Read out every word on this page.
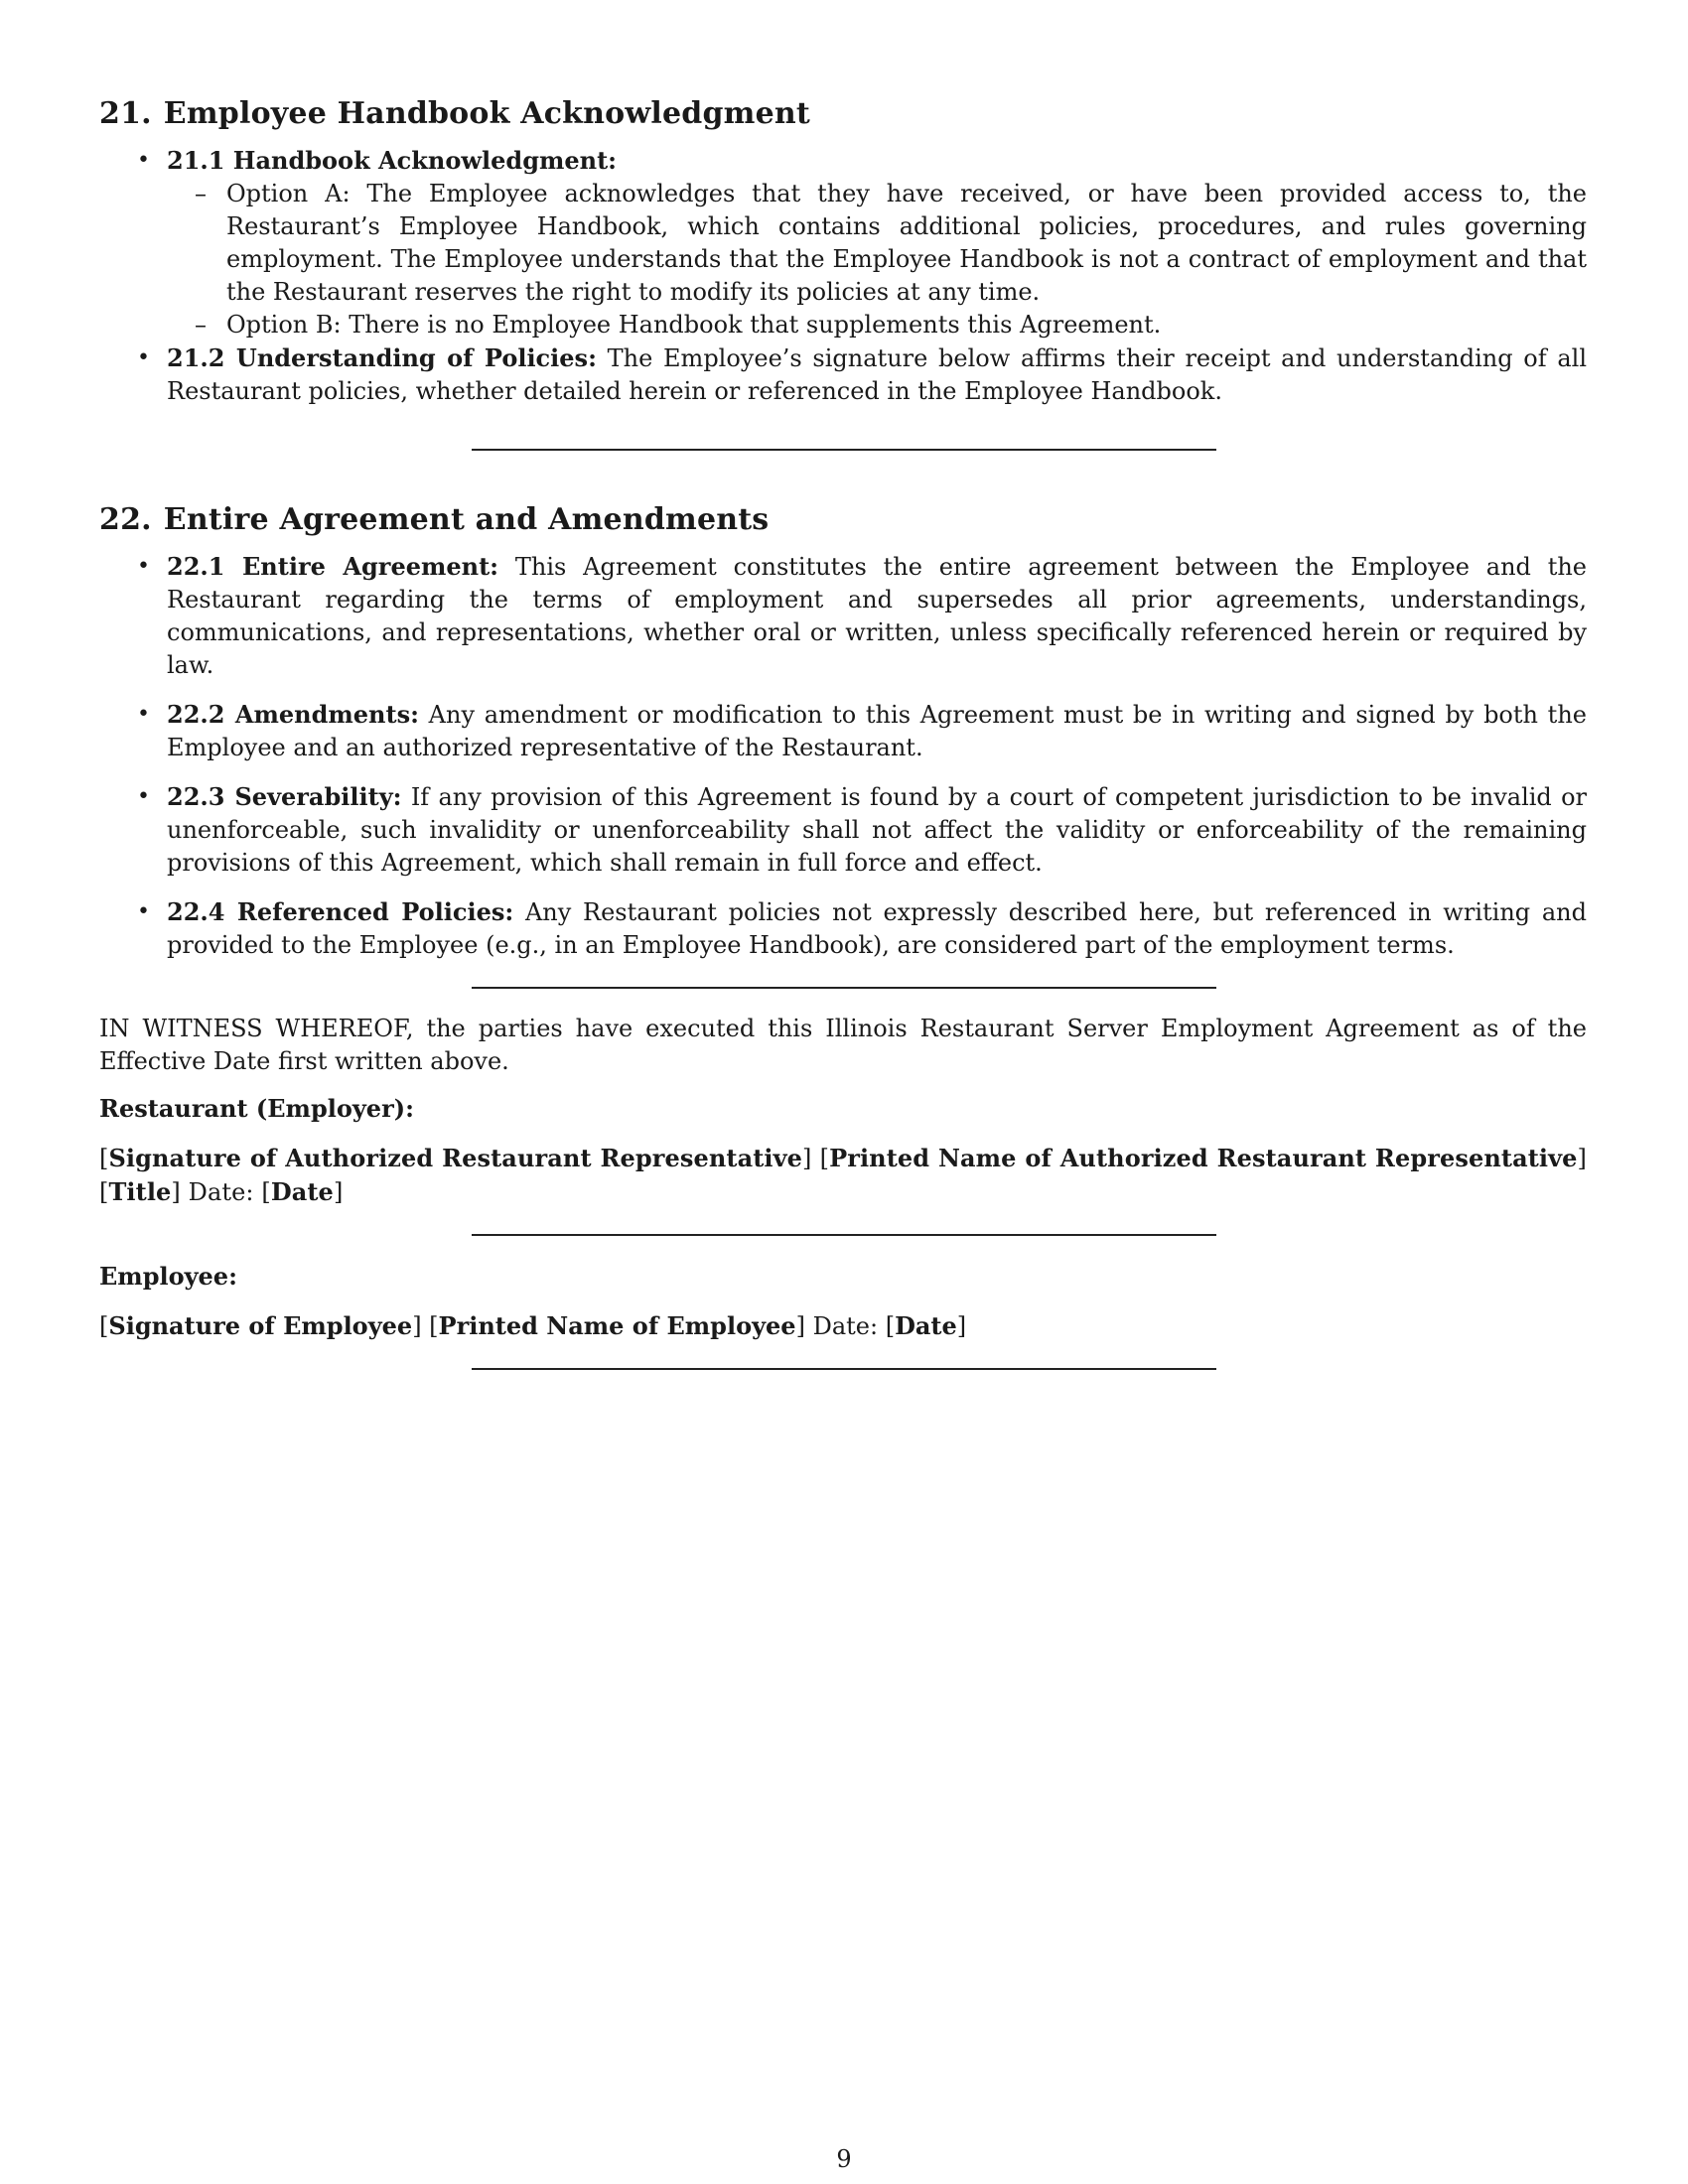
21. Employee Handbook Acknowledgment
• 21.1 Handbook Acknowledgment:
– Option A: The Employee acknowledges that they have received, or have been provided access to, the Restaurant’s Employee Handbook, which contains additional policies, procedures, and rules governing employment. The Employee understands that the Employee Handbook is not a contract of employment and that the Restaurant reserves the right to modify its policies at any time.
– Option B: There is no Employee Handbook that supplements this Agreement.
• 21.2 Understanding of Policies: The Employee’s signature below affirms their receipt and understanding of all Restaurant policies, whether detailed herein or referenced in the Employee Handbook.
22. Entire Agreement and Amendments
• 22.1 Entire Agreement: This Agreement constitutes the entire agreement between the Employee and the Restaurant regarding the terms of employment and supersedes all prior agreements, understandings, communications, and representations, whether oral or written, unless specifically referenced herein or required by law.
• 22.2 Amendments: Any amendment or modification to this Agreement must be in writing and signed by both the Employee and an authorized representative of the Restaurant.
• 22.3 Severability: If any provision of this Agreement is found by a court of competent jurisdiction to be invalid or unenforceable, such invalidity or unenforceability shall not affect the validity or enforceability of the remaining provisions of this Agreement, which shall remain in full force and effect.
• 22.4 Referenced Policies: Any Restaurant policies not expressly described here, but referenced in writing and provided to the Employee (e.g., in an Employee Handbook), are considered part of the employment terms.

IN WITNESS WHEREOF, the parties have executed this Illinois Restaurant Server Employment Agreement as of the Effective Date first written above.

Restaurant (Employer):

[Signature of Authorized Restaurant Representative] [Printed Name of Authorized Restaurant Representative] [Title] Date: [Date]

Employee:

[Signature of Employee] [Printed Name of Employee] Date: [Date]

9
